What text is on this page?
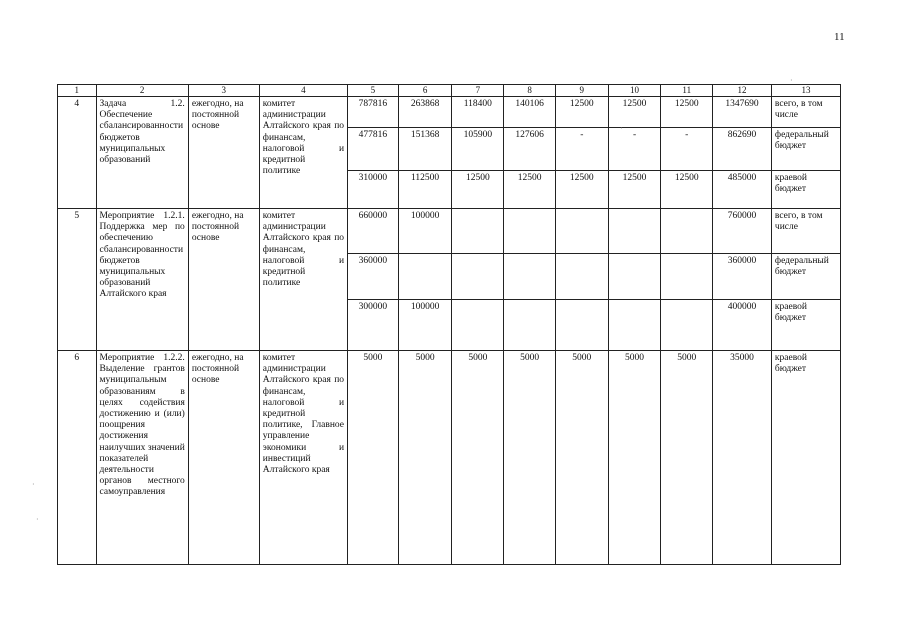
11
1	2	3	4	5	6	7	8	9	10	11	12	13
4	Задача 1.2. Обеспечение сбалансированности бюджетов муниципальных образований	ежегодно, на постоянной основе	комитет администрации Алтайского края по финансам, налоговой и кредитной политике	787816	263868	118400	140106	12500	12500	12500	1347690	всего, в том числе
				477816	151368	105900	127606	-	-	-	862690	федеральный бюджет
				310000	112500	12500	12500	12500	12500	12500	485000	краевой бюджет
5	Мероприятие 1.2.1. Поддержка мер по обеспечению сбалансированности бюджетов муниципальных образований Алтайского края	ежегодно, на постоянной основе	комитет администрации Алтайского края по финансам, налоговой и кредитной политике	660000	100000						760000	всего, в том числе
				360000							360000	федеральный бюджет
				300000	100000						400000	краевой бюджет
6	Мероприятие 1.2.2. Выделение грантов муниципальным образованиям в целях содействия достижению и (или) поощрения достижения наилучших значений показателей деятельности органов местного самоуправления	ежегодно, на постоянной основе	комитет администрации Алтайского края по финансам, налоговой и кредитной политике, Главное управление экономики и инвестиций Алтайского края	5000	5000	5000	5000	5000	5000	5000	35000	краевой бюджет
·
·
·
·
